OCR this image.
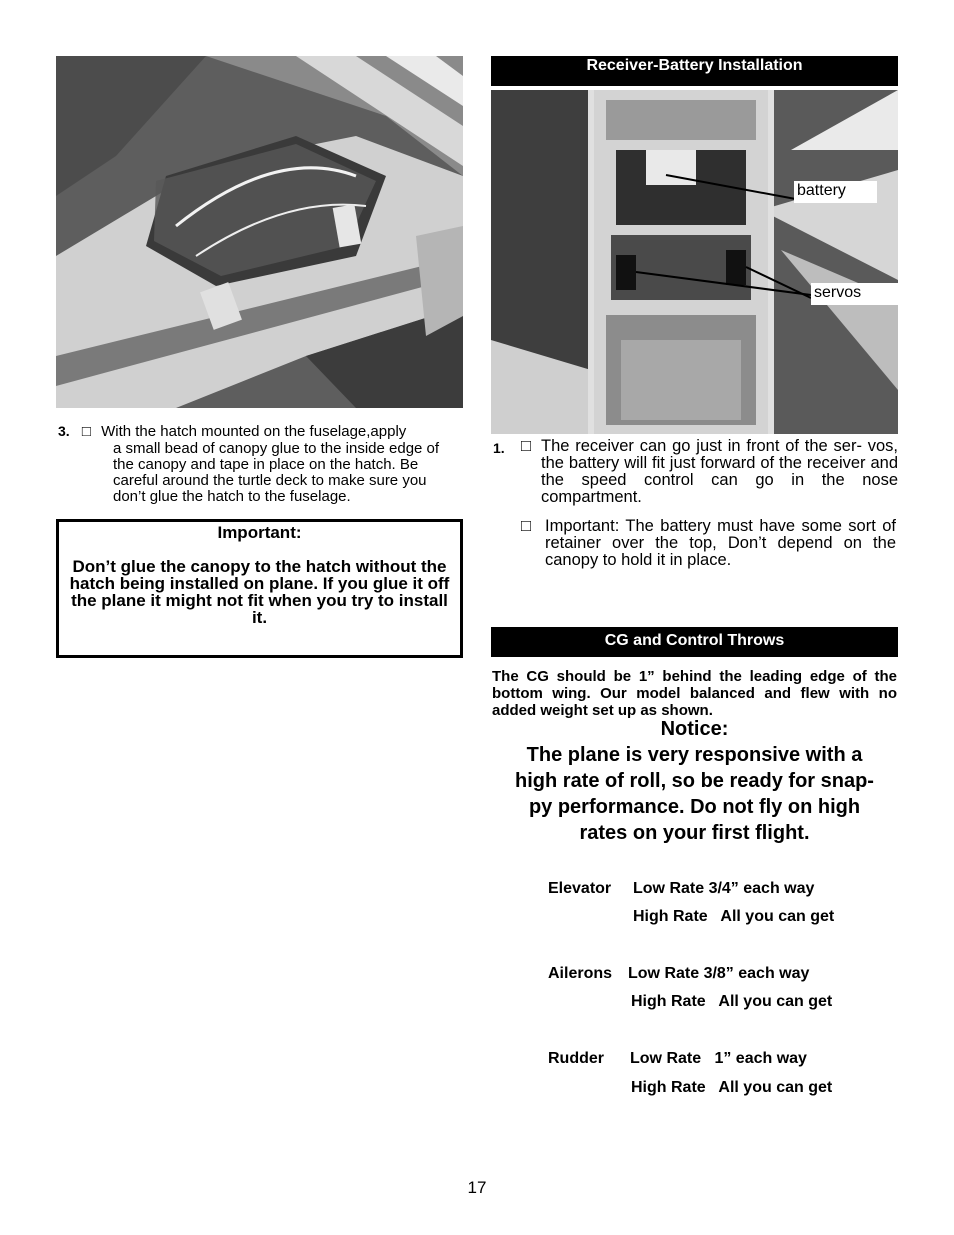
3. □ With the hatch mounted on the fuselage,apply
a small bead of canopy glue to the inside edge of the canopy and tape in place on the hatch. Be careful around the turtle deck to make sure you don’t glue the hatch to the fuselage.
Important:
Don’t glue the canopy to the hatch without the hatch being installed on plane. If you glue it off the plane it might not fit when you try to install it.
Receiver-Battery Installation
battery
servos
1. □ The receiver can go just in front of the ser- vos, the battery will fit just forward of the receiver and the speed control can go in the nose compartment.
□ Important: The battery must have some sort of retainer over the top, Don’t depend on the canopy to hold it in place.
CG and Control Throws
The CG should be 1” behind the leading edge of the bottom wing. Our model balanced and flew with no added weight set up as shown.
Notice:
The plane is very responsive with a
high rate of roll, so be ready for snap-
py performance. Do not fly on high
rates on your first flight.
Elevator Low Rate 3/4” each way
High Rate   All you can get
Ailerons Low Rate 3/8” each way
High Rate   All you can get
Rudder Low Rate   1” each way
High Rate   All you can get
17
